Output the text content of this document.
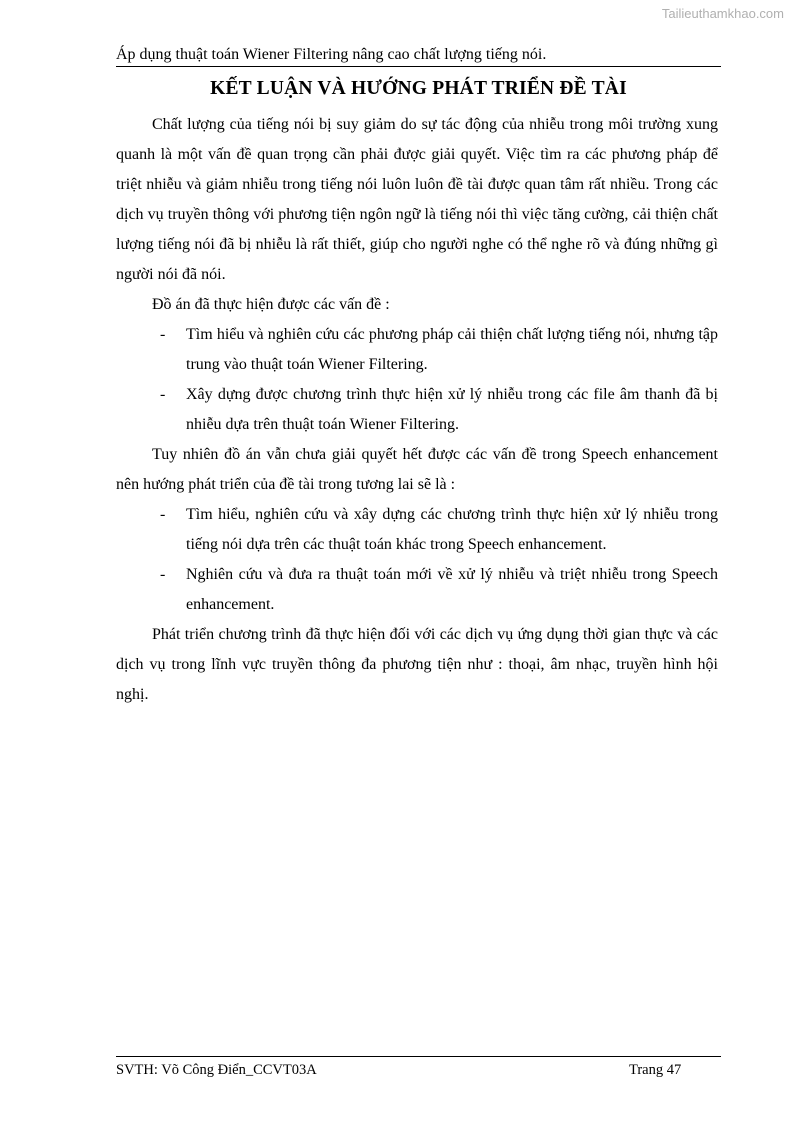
Tailieuthamkhao.com
Áp dụng thuật toán Wiener Filtering nâng cao chất lượng tiếng nói.
KẾT LUẬN VÀ HƯỚNG PHÁT TRIỂN ĐỀ TÀI

Chất lượng của tiếng nói bị suy giảm do sự tác động của nhiễu trong môi trường xung quanh là một vấn đề quan trọng cần phải được giải quyết. Việc tìm ra các phương pháp để triệt nhiễu và giảm nhiễu trong tiếng nói luôn luôn đề tài được quan tâm rất nhiều. Trong các dịch vụ truyền thông với phương tiện ngôn ngữ là tiếng nói thì việc tăng cường, cải thiện chất lượng tiếng nói đã bị nhiễu là rất thiết, giúp cho người nghe có thể nghe rõ và đúng những gì người nói đã nói.

Đồ án đã thực hiện được các vấn đề :

-	Tìm hiểu và nghiên cứu các phương pháp cải thiện chất lượng tiếng nói, nhưng tập trung vào thuật toán Wiener Filtering.
-	Xây dựng được chương trình thực hiện xử lý nhiễu trong các file âm thanh đã bị nhiễu dựa trên thuật toán Wiener Filtering.

Tuy nhiên đồ án vẫn chưa giải quyết hết được các vấn đề trong Speech enhancement nên hướng phát triển của đề tài trong tương lai sẽ là :

-	Tìm hiểu, nghiên cứu và xây dựng các chương trình thực hiện xử lý nhiễu trong tiếng nói dựa trên các thuật toán khác trong Speech enhancement.
-	Nghiên cứu và đưa ra thuật toán mới về xử lý nhiễu và triệt nhiễu trong Speech enhancement.

Phát triển chương trình đã thực hiện đối với các dịch vụ ứng dụng thời gian thực và các dịch vụ trong lĩnh vực truyền thông đa phương tiện như : thoại, âm nhạc, truyền hình hội nghị.

SVTH: Võ Công Điển_CCVT03A	Trang 47
